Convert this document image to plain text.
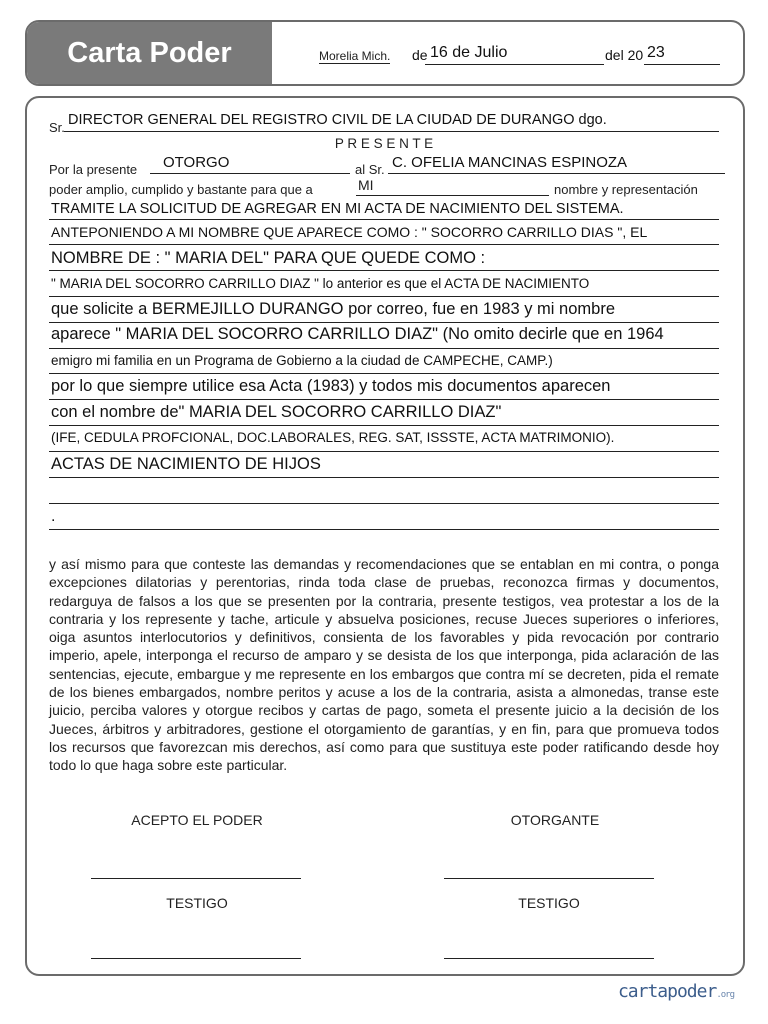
Carta Poder	Morelia Mich. de 16 de Julio	del 20 23
Sr. DIRECTOR GENERAL DEL REGISTRO CIVIL DE LA CIUDAD DE DURANGO dgo.
P R E S E N T E
Por la presente OTORGO	al Sr. C. OFELIA MANCINAS ESPINOZA
poder amplio, cumplido y bastante para que a	MI	nombre y representación
TRAMITE LA SOLICITUD DE AGREGAR EN MI ACTA DE NACIMIENTO DEL SISTEMA.
ANTEPONIENDO A MI NOMBRE QUE APARECE COMO : " SOCORRO CARRILLO DIAS ", EL
NOMBRE DE : " MARIA DEL" PARA QUE QUEDE COMO :
" MARIA DEL SOCORRO CARRILLO DIAZ " lo anterior es que el ACTA DE NACIMIENTO
que solicite a BERMEJILLO DURANGO por correo, fue en 1983 y mi nombre
aparece " MARIA DEL SOCORRO CARRILLO DIAZ" (No omito decirle que en 1964
emigro mi familia en un Programa de Gobierno a la ciudad de CAMPECHE, CAMP.)
por lo que siempre utilice esa Acta (1983) y todos mis documentos aparecen
con el nombre de" MARIA DEL SOCORRO CARRILLO DIAZ"
(IFE, CEDULA PROFCIONAL, DOC.LABORALES, REG. SAT, ISSSTE, ACTA MATRIMONIO).
ACTAS DE NACIMIENTO DE HIJOS
.
y así mismo para que conteste las demandas y recomendaciones que se entablan en mi contra, o ponga excepciones dilatorias y perentorias, rinda toda clase de pruebas, reconozca firmas y documentos, redarguya de falsos a los que se presenten por la contraria, presente testigos, vea protestar a los de la contraria y los represente y tache, articule y absuelva posiciones, recuse Jueces superiores o inferiores, oiga asuntos interlocutorios y definitivos, consienta de los favorables y pida revocación por contrario imperio, apele, interponga el recurso de amparo y se desista de los que interponga, pida aclaración de las sentencias, ejecute, embargue y me represente en los embargos que contra mí se decreten, pida el remate de los bienes embargados, nombre peritos y acuse a los de la contraria, asista a almonedas, transe este juicio, perciba valores y otorgue recibos y cartas de pago, someta el presente juicio a la decisión de los Jueces, árbitros y arbitradores, gestione el otorgamiento de garantías, y en fin, para que promueva todos los recursos que favorezcan mis derechos, así como para que sustituya este poder ratificando desde hoy todo lo que haga sobre este particular.
ACEPTO EL PODER	OTORGANTE
TESTIGO	TESTIGO
cartapoder.org
